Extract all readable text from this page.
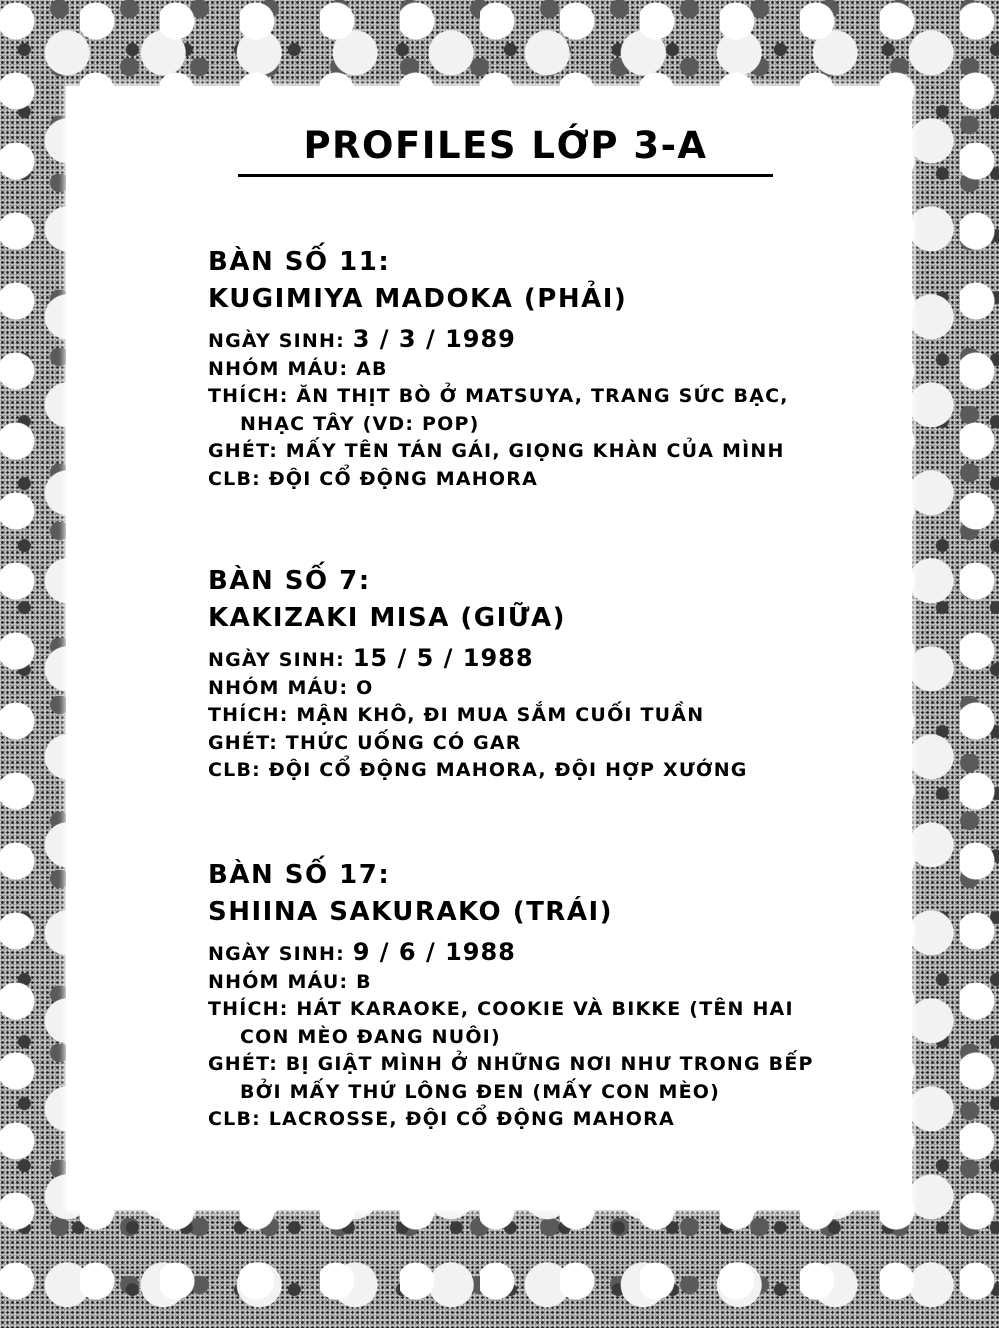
PROFILES LỚP 3-A
BÀN SỐ 11:
KUGIMIYA MADOKA (PHẢI)
NGÀY SINH: 3 / 3 / 1989
NHÓM MÁU: AB
THÍCH: ĂN THỊT BÒ Ở MATSUYA, TRANG SỨC BẠC,
NHẠC TÂY (VD: POP)
GHÉT: MẤY TÊN TÁN GÁI, GIỌNG KHÀN CỦA MÌNH
CLB: ĐỘI CỔ ĐỘNG MAHORA
BÀN SỐ 7:
KAKIZAKI MISA (GIỮA)
NGÀY SINH: 15 / 5 / 1988
NHÓM MÁU: O
THÍCH: MẬN KHÔ, ĐI MUA SẮM CUỐI TUẦN
GHÉT: THỨC UỐNG CÓ GAR
CLB: ĐỘI CỔ ĐỘNG MAHORA, ĐỘI HỢP XƯỚNG
BÀN SỐ 17:
SHIINA SAKURAKO (TRÁI)
NGÀY SINH: 9 / 6 / 1988
NHÓM MÁU: B
THÍCH: HÁT KARAOKE, COOKIE VÀ BIKKE (TÊN HAI
CON MÈO ĐANG NUÔI)
GHÉT: BỊ GIẬT MÌNH Ở NHỮNG NƠI NHƯ TRONG BẾP
BỞI MẤY THỨ LÔNG ĐEN (MẤY CON MÈO)
CLB: LACROSSE, ĐỘI CỔ ĐỘNG MAHORA
